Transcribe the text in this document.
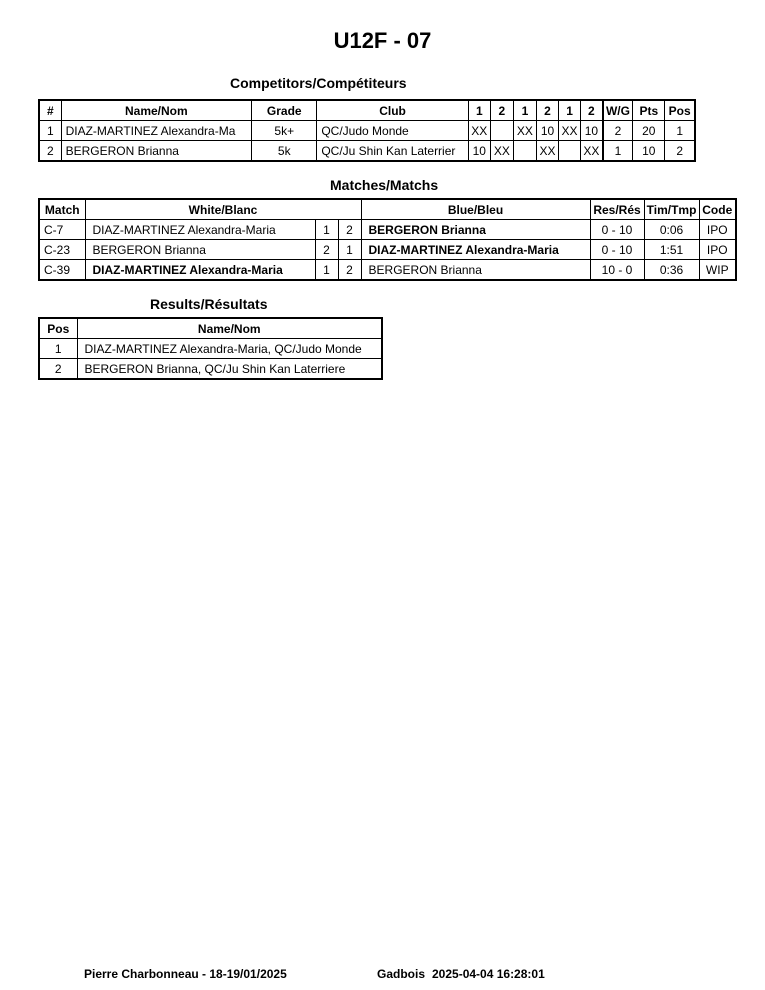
U12F - 07
Competitors/Compétiteurs
#	Name/Nom	Grade	Club	1	2	1	2	1	2	W/G	Pts	Pos
1	DIAZ-MARTINEZ Alexandra-Ma	5k+	QC/Judo Monde	XX		XX	10	XX	10	2	20	1
2	BERGERON Brianna	5k	QC/Ju Shin Kan Laterrier	10	XX		XX		XX	1	10	2
Matches/Matchs
Match	White/Blanc			Blue/Bleu	Res/Rés	Tim/Tmp	Code
C-7	DIAZ-MARTINEZ Alexandra-Maria	1	2	BERGERON Brianna	0 - 10	0:06	IPO
C-23	BERGERON Brianna	2	1	DIAZ-MARTINEZ Alexandra-Maria	0 - 10	1:51	IPO
C-39	DIAZ-MARTINEZ Alexandra-Maria	1	2	BERGERON Brianna	10 - 0	0:36	WIP
Results/Résultats
Pos	Name/Nom
1	DIAZ-MARTINEZ Alexandra-Maria, QC/Judo Monde
2	BERGERON Brianna, QC/Ju Shin Kan Laterriere
Pierre Charbonneau - 18-19/01/2025	Gadbois 2025-04-04 16:28:01
